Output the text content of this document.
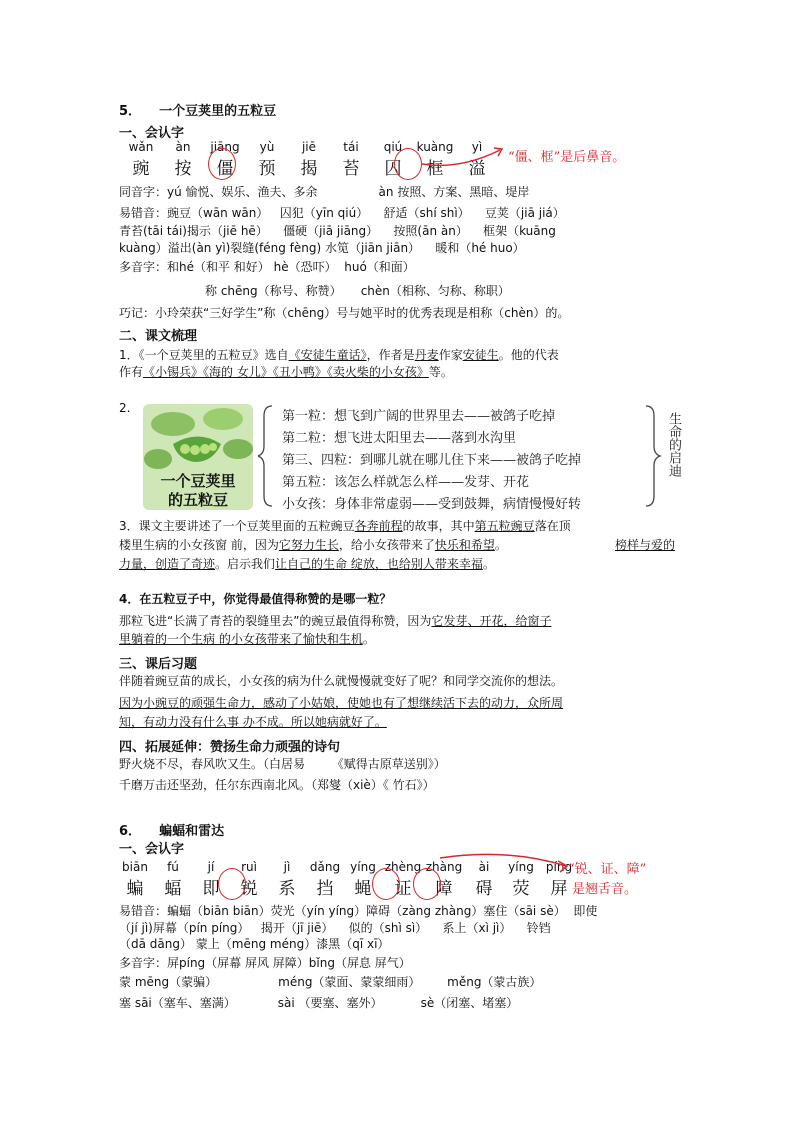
5．    一个豆荚里的五粒豆
一、会认字
wǎn	àn	jiāng	yù	jiē	tái	qiú	kuàng	yì
豌	按	僵	预	揭	苔	囚	框	溢
“僵、框”是后鼻音。
同音字：yú 愉悦、娱乐、渔夫、多余                àn 按照、方案、黑暗、堤岸
易错音：豌豆（wān wān）   囚犯（yīn qiú）    舒适（shí shì）    豆荚（jiā jiá）
青苔(tāi tái)揭示（jiē hē）    僵硬（jiā jiāng）    按照(ān àn）    框架（kuāng
kuàng）溢出(àn yì)裂缝(féng fèng) 水笕（jiān jiān）    暖和（hé huo）
多音字：和hé（和平 和好） hè（恐吓）  huó（和面）
称 chēng（称号、称赞）     chèn（相称、匀称、称职）
巧记：小玲荣获“三好学生”称（chēng）号与她平时的优秀表现是相称（chèn）的。
二、课文梳理
1．《一个豆荚里的五粒豆》选自《安徒生童话》，作者是丹麦作家安徒生。他的代表
作有《小锡兵》《海的 女儿》《丑小鸭》《卖火柴的小女孩》等。
2.
一个豆荚里
的五粒豆
第一粒：想飞到广阔的世界里去——被鸽子吃掉
第二粒：想飞进太阳里去——落到水沟里
第三、四粒：到哪儿就在哪儿住下来——被鸽子吃掉
第五粒：该怎么样就怎么样——发芽、开花
小女孩：身体非常虚弱——受到鼓舞，病情慢慢好转
生命的启迪
3．课文主要讲述了一个豆荚里面的五粒豌豆各奔前程的故事，其中第五粒豌豆落在顶
楼里生病的小女孩窗 前，因为它努力生长，给小女孩带来了快乐和希望。	榜样与爱的
力量，创造了奇迹。启示我们让自己的生命 绽放，也给别人带来幸福。
4．在五粒豆子中，你觉得最值得称赞的是哪一粒？
那粒飞进“长满了青苔的裂缝里去”的豌豆最值得称赞，因为它发芽、开花，给窗子
里躺着的一个生病 的小女孩带来了愉快和生机。
三、课后习题
伴随着豌豆苗的成长，小女孩的病为什么就慢慢就变好了呢？和同学交流你的想法。
因为小豌豆的顽强生命力，感动了小姑娘，使她也有了想继续活下去的动力，众所周
知，有动力没有什么事 办不成。所以她病就好了。
四、拓展延伸：赞扬生命力顽强的诗句
野火烧不尽，春风吹又生。（白居易       《赋得古原草送别》）
千磨万击还坚劲，任尔东西南北风。（郑燮（xiè）《 竹石》）
6．    蝙蝠和雷达
一、会认字
biān	fú	jí	ruì	jì	dǎng yíng zhèng zhàng	ài	yíng	píng
蝙	蝠	即	锐	系	挡	蝇	证	障	碍	荧	屏
“锐、证、障”
是翘舌音。
易错音：蝙蝠（biān biān）荧光（yín yíng）障碍（zàng zhàng）塞住（sāi sè）  即使
（jí jì)屏幕（pín píng）   揭开（jī jiē）    似的（shì sì）    系上（xì jì）    铃铛
（dā dāng） 蒙上（mēng méng）漆黑（qī xī）
多音字：屏píng（屏幕 屏风 屏障）bǐng（屏息 屏气）
蒙 mēng（蒙骗）                méng（蒙面、蒙蒙细雨）       měng（蒙古族）
塞 sāi（塞车、塞满）           sài （要塞、塞外）          sè（闭塞、堵塞）
